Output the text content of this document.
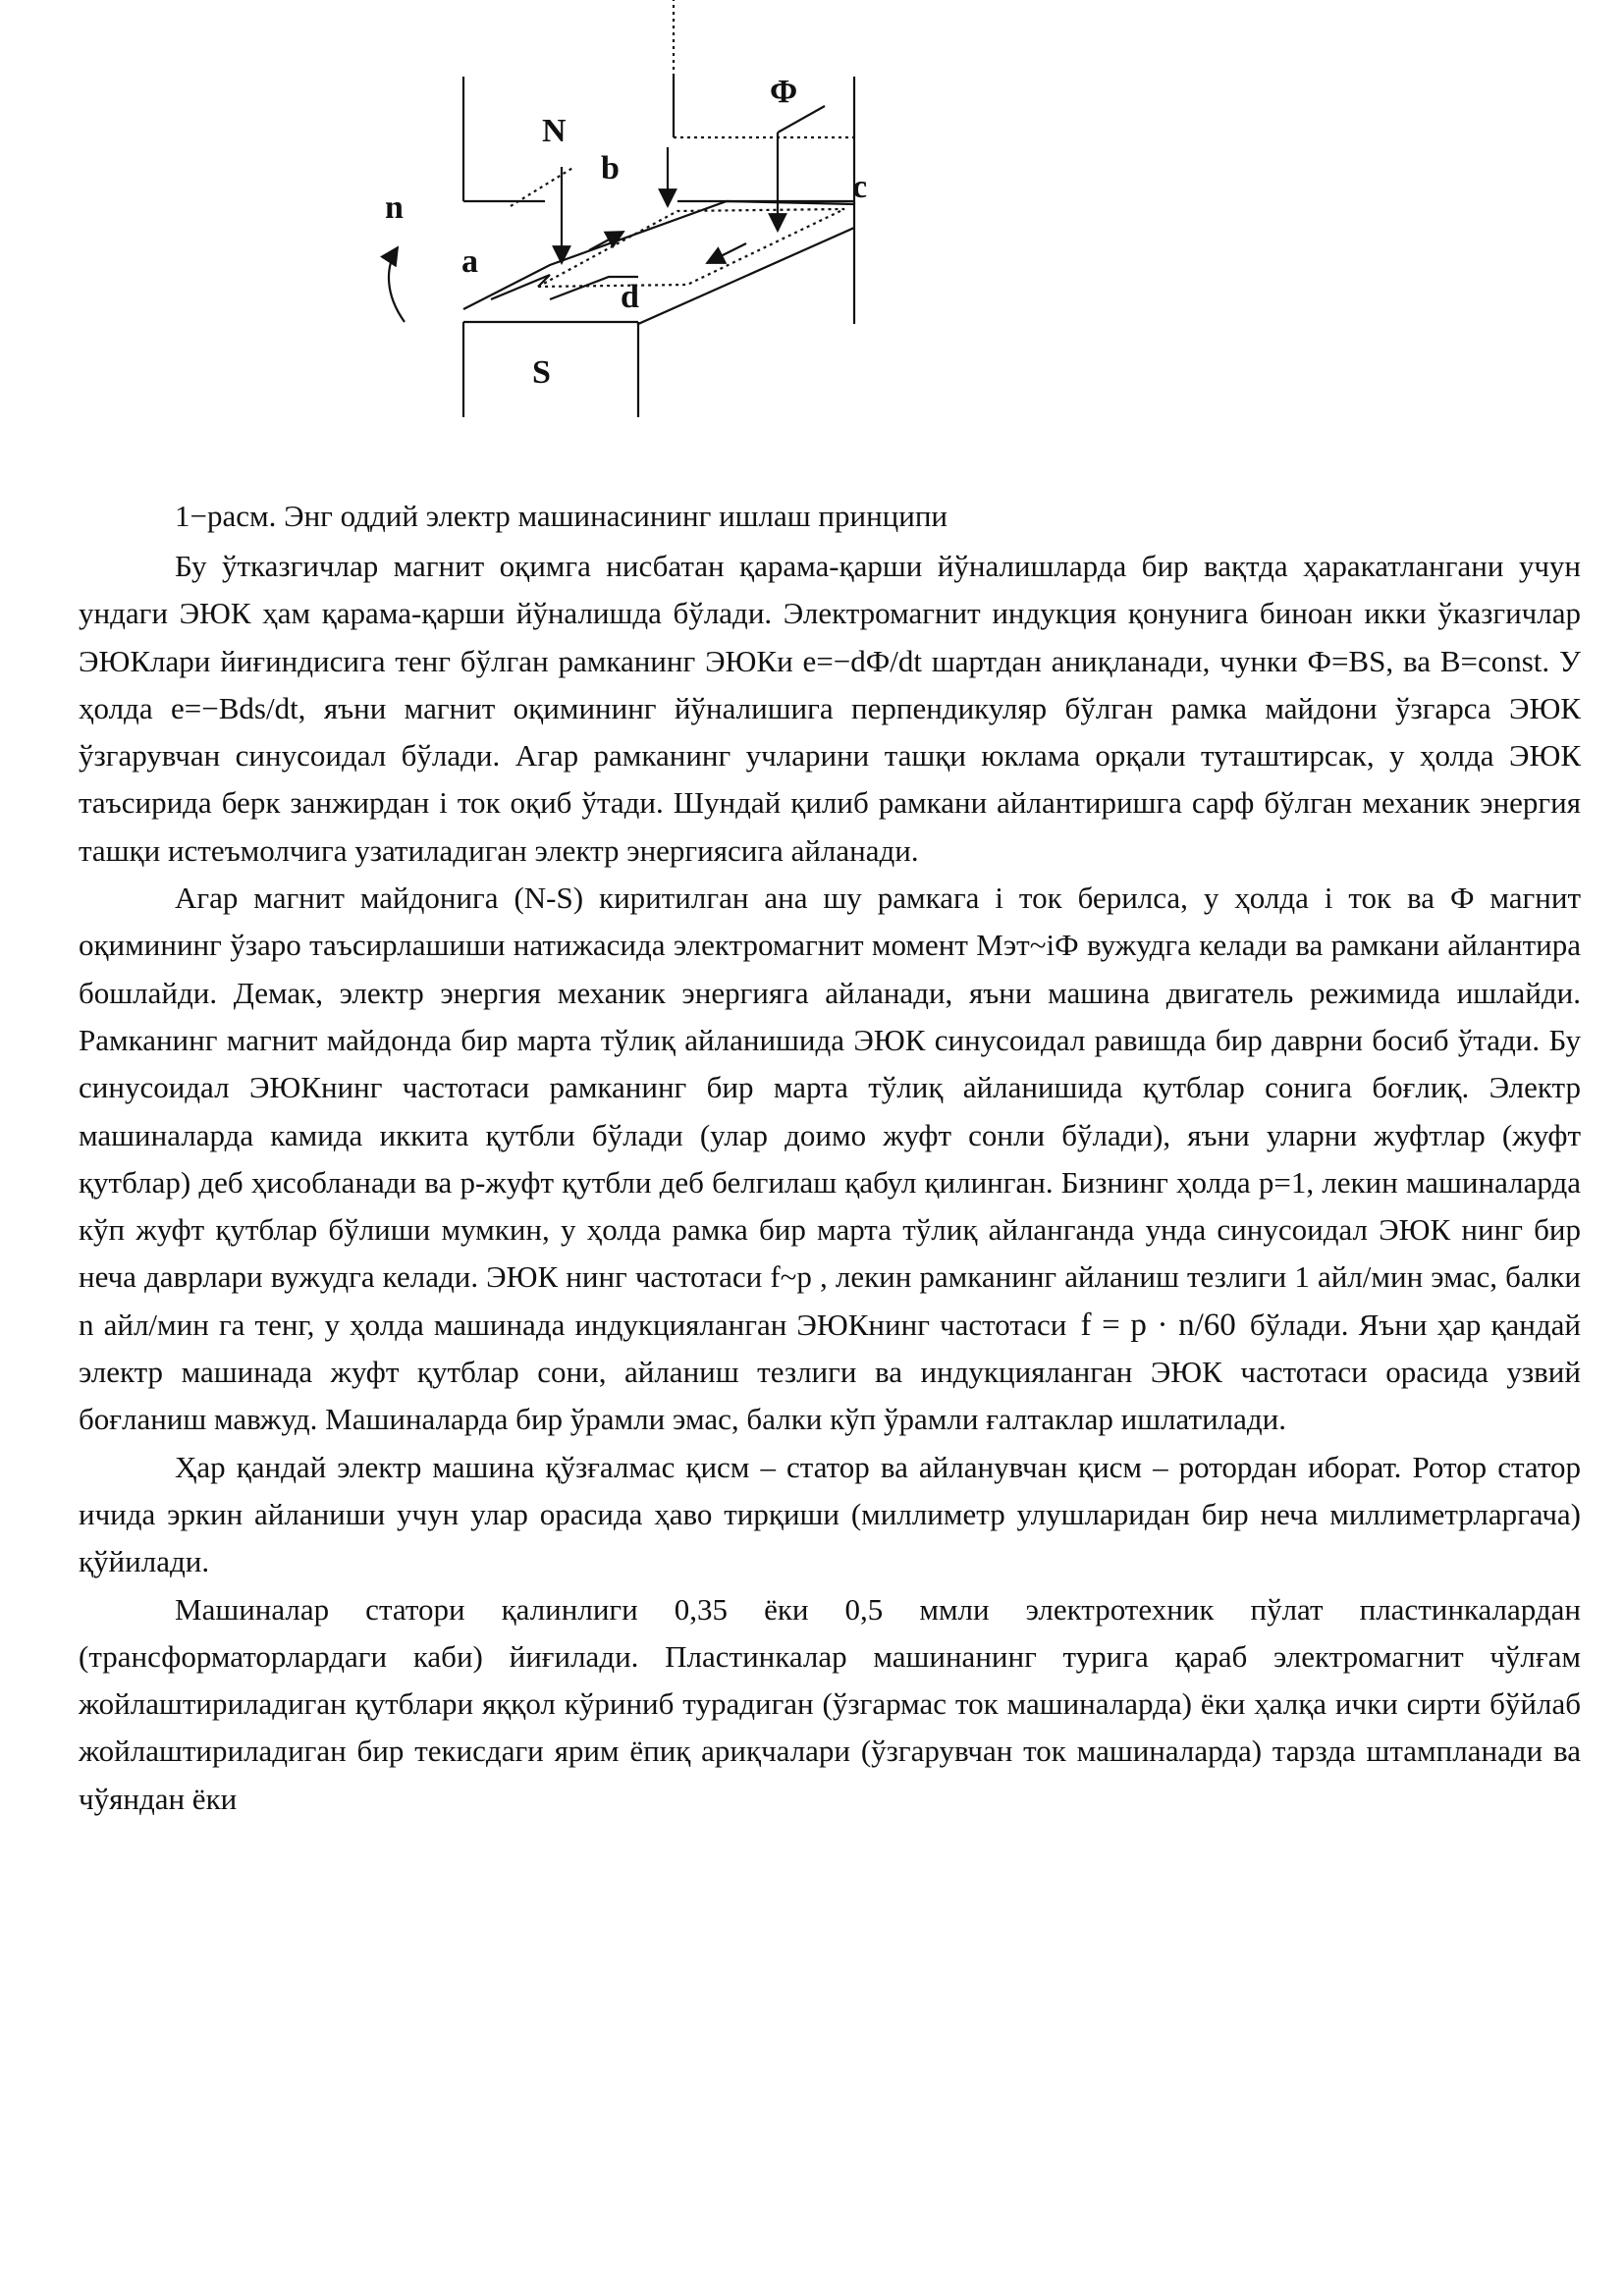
Φ
N
b
c
n
a
d
S
1−расм. Энг оддий электр машинасининг ишлаш принципи

Бу ўтказгичлар магнит оқимга нисбатан қарама-қарши йўналишларда бир вақтда ҳаракатлангани учун ундаги ЭЮК ҳам қарама-қарши йўналишда бўлади. Электромагнит индукция қонунига биноан икки ўказгичлар ЭЮКлари йиғиндисига тенг бўлган рамканинг ЭЮКи e=−dФ/dt шартдан аниқланади, чунки Ф=BS, ва B=const. У ҳолда e=−Bds/dt, яъни магнит оқимининг йўналишига перпендикуляр бўлган рамка майдони ўзгарса ЭЮК ўзгарувчан синусоидал бўлади. Агар рамканинг учларини ташқи юклама орқали туташтирсак, у ҳолда ЭЮК таъсирида берк занжирдан i ток оқиб ўтади. Шундай қилиб рамкани айлантиришга сарф бўлган механик энергия ташқи истеъмолчига узатиладиган электр энергиясига айланади.

Агар магнит майдонига (N-S) киритилган ана шу рамкага i ток берилса, у ҳолда i ток ва Ф магнит оқимининг ўзаро таъсирлашиши натижасида электромагнит момент Mэт~iФ вужудга келади ва рамкани айлантира бошлайди. Демак, электр энергия механик энергияга айланади, яъни машина двигатель режимида ишлайди. Рамканинг магнит майдонда бир марта тўлиқ айланишида ЭЮК синусоидал равишда бир даврни босиб ўтади. Бу синусоидал ЭЮКнинг частотаси рамканинг бир марта тўлиқ айланишида қутблар сонига боғлиқ. Электр машиналарда камида иккита қутбли бўлади (улар доимо жуфт сонли бўлади), яъни уларни жуфтлар (жуфт қутблар) деб ҳисобланади ва p-жуфт қутбли деб белгилаш қабул қилинган. Бизнинг ҳолда p=1, лекин машиналарда кўп жуфт қутблар бўлиши мумкин, у ҳолда рамка бир марта тўлиқ айланганда унда синусоидал ЭЮК нинг бир неча даврлари вужудга келади. ЭЮК нинг частотаси f~p , лекин рамканинг айланиш тезлиги 1 айл/мин эмас, балки n айл/мин га тенг, у ҳолда машинада индукцияланган ЭЮКнинг частотаси f = p · n/60 бўлади. Яъни ҳар қандай электр машинада жуфт қутблар сони, айланиш тезлиги ва индукцияланган ЭЮК частотаси орасида узвий боғланиш мавжуд. Машиналарда бир ўрамли эмас, балки кўп ўрамли ғалтаклар ишлатилади.

Ҳар қандай электр машина қўзғалмас қисм – статор ва айланувчан қисм – ротордан иборат. Ротор статор ичида эркин айланиши учун улар орасида ҳаво тирқиши (миллиметр улушларидан бир неча миллиметрларгача) қўйилади.

Машиналар статори қалинлиги 0,35 ёки 0,5 ммли электротехник пўлат пластинкалардан (трансформаторлардаги каби) йиғилади. Пластинкалар машинанинг турига қараб электромагнит чўлғам жойлаштириладиган қутблари яққол кўриниб турадиган (ўзгармас ток машиналарда) ёки ҳалқа ички сирти бўйлаб жойлаштириладиган бир текисдаги ярим ёпиқ ариқчалари (ўзгарувчан ток машиналарда) тарзда штампланади ва чўяндан ёки
